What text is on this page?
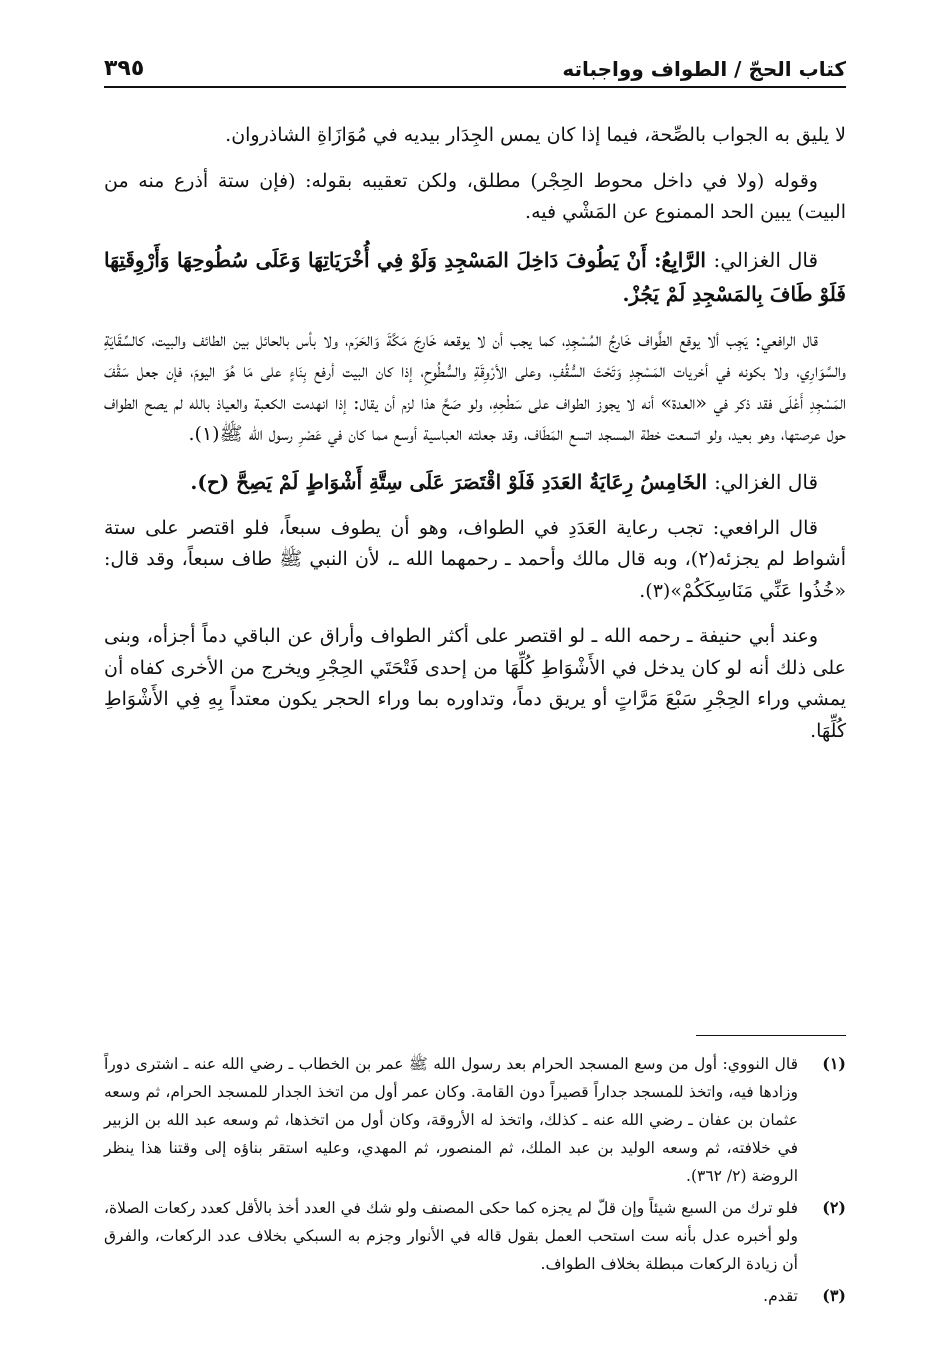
كتاب الحجّ / الطواف وواجباته
٣٩٥

لا يليق به الجواب بالصِّحة، فيما إذا كان يمس الجِدَار بيديه في مُوَازَاةِ الشاذروان.

وقوله (ولا في داخل محوط الحِجْر) مطلق، ولكن تعقيبه بقوله: (فإن ستة أذرع منه من البيت) يبين الحد الممنوع عن المَشْي فيه.

قال الغزالي: الرَّابِعُ: أَنْ يَطُوفَ دَاخِلَ المَسْجِدِ وَلَوْ فِي أُخْرَيَاتِهَا وَعَلَى سُطُوحِهَا وَأَرْوِقَتِهَا فَلَوْ طَافَ بِالمَسْجِدِ لَمْ يَجُزْ.

قال الرافعي: يَجِب ألا يوقع الطَّواف خَارِجُ المُسْجِدِ، كما يجب أن لا يوقعه خَارِجَ مَكَّةَ وَالحَرَم، ولا بأس بالحائل بين الطائف والبيت، كالسِّقَايَةِ والسَّوَارِي، ولا بكونه في أخريات المَسْجِدِ وَتَحْتَ السُّقُفِ، وعلى الأرْوِقَةِ والسُّطُوحِ، إذا كان البيت أرفع بِنَاءٍ على مَا هُوَ اليومَ، فإن جعل سَقْفَ المَسْجِدِ أَعْلَى فقد ذكر في «العدة» أنه لا يجوز الطواف على سَطْحِهِ، ولو صَحَّ هذا لزم أن يقال: إذا انهدمت الكعبة والعياذ بالله لم يصح الطواف حول عرصتها، وهو بعيد، ولو اتسعت خطة المسجد اتسع المَطَاف، وقد جعلته العباسية أوسع مما كان في عَصْرِ رسول الله ﷺ(١).

قال الغزالي: الخَامِسُ رِعَايَةُ العَدَدِ فَلَوْ اقْتَصَرَ عَلَى سِتَّةِ أَشْوَاطٍ لَمْ يَصِحَّ (ح).

قال الرافعي: تجب رعاية العَدَدِ في الطواف، وهو أن يطوف سبعاً، فلو اقتصر على ستة أشواط لم يجزئه(٢)، وبه قال مالك وأحمد ـ رحمهما الله ـ، لأن النبي ﷺ طاف سبعاً، وقد قال: «خُذُوا عَنِّي مَنَاسِكَكُمْ»(٣).

وعند أبي حنيفة ـ رحمه الله ـ لو اقتصر على أكثر الطواف وأراق عن الباقي دماً أجزأه، وبنى على ذلك أنه لو كان يدخل في الأَشْوَاطِ كُلِّهَا من إحدى فَتْحَتَي الحِجْرِ ويخرج من الأخرى كفاه أن يمشي وراء الحِجْرِ سَبْعَ مَرَّاتٍ أو يريق دماً، وتداوره بما وراء الحجر يكون معتداً بِهِ فِي الأَشْوَاطِ كُلِّهَا.

(١)
قال النووي: أول من وسع المسجد الحرام بعد رسول الله ﷺ عمر بن الخطاب ـ رضي الله عنه ـ اشترى دوراً وزادها فيه، واتخذ للمسجد جداراً قصيراً دون القامة. وكان عمر أول من اتخذ الجدار للمسجد الحرام، ثم وسعه عثمان بن عفان ـ رضي الله عنه ـ كذلك، واتخذ له الأروقة، وكان أول من اتخذها، ثم وسعه عبد الله بن الزبير في خلافته، ثم وسعه الوليد بن عبد الملك، ثم المنصور، ثم المهدي، وعليه استقر بناؤه إلى وقتنا هذا ينظر الروضة (٢/ ٣٦٢).
(٢)
فلو ترك من السبع شيئاً وإن قلّ لم يجزه كما حكى المصنف ولو شك في العدد أخذ بالأقل كعدد ركعات الصلاة، ولو أخبره عدل بأنه ست استحب العمل بقول قاله في الأنوار وجزم به السبكي بخلاف عدد الركعات، والفرق أن زيادة الركعات مبطلة بخلاف الطواف.
(٣)
تقدم.
